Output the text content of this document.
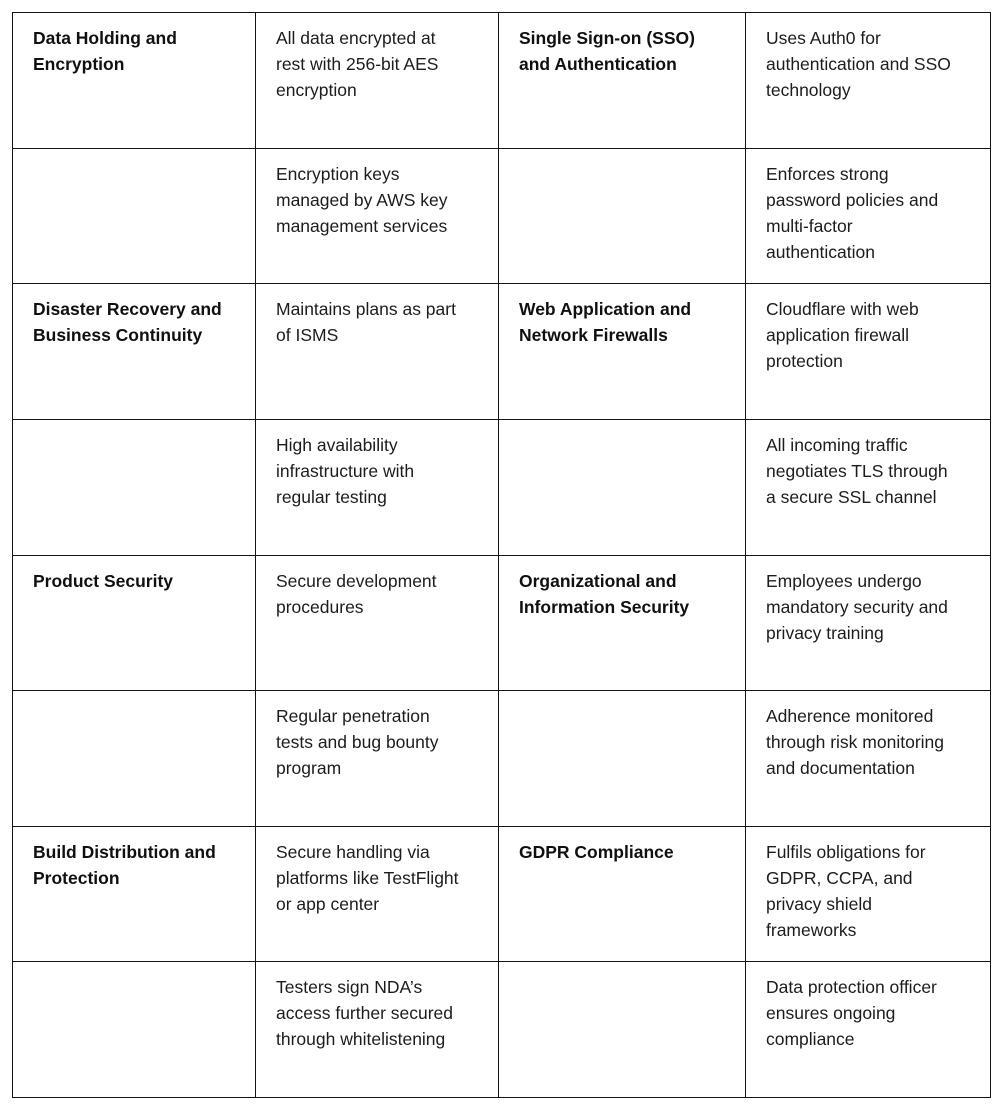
Data Holding and Encryption	All data encrypted at rest with 256-bit AES encryption	Single Sign-on (SSO) and Authentication	Uses Auth0 for authentication and SSO technology
	Encryption keys managed by AWS key management services		Enforces strong password policies and multi-factor authentication
Disaster Recovery and Business Continuity	Maintains plans as part of ISMS	Web Application and Network Firewalls	Cloudflare with web application firewall protection
	High availability infrastructure with regular testing		All incoming traffic negotiates TLS through a secure SSL channel
Product Security	Secure development procedures	Organizational and Information Security	Employees undergo mandatory security and privacy training
	Regular penetration tests and bug bounty program		Adherence monitored through risk monitoring and documentation
Build Distribution and Protection	Secure handling via platforms like TestFlight or app center	GDPR Compliance	Fulfils obligations for GDPR, CCPA, and privacy shield frameworks
	Testers sign NDA’s access further secured through whitelistening		Data protection officer ensures ongoing compliance
